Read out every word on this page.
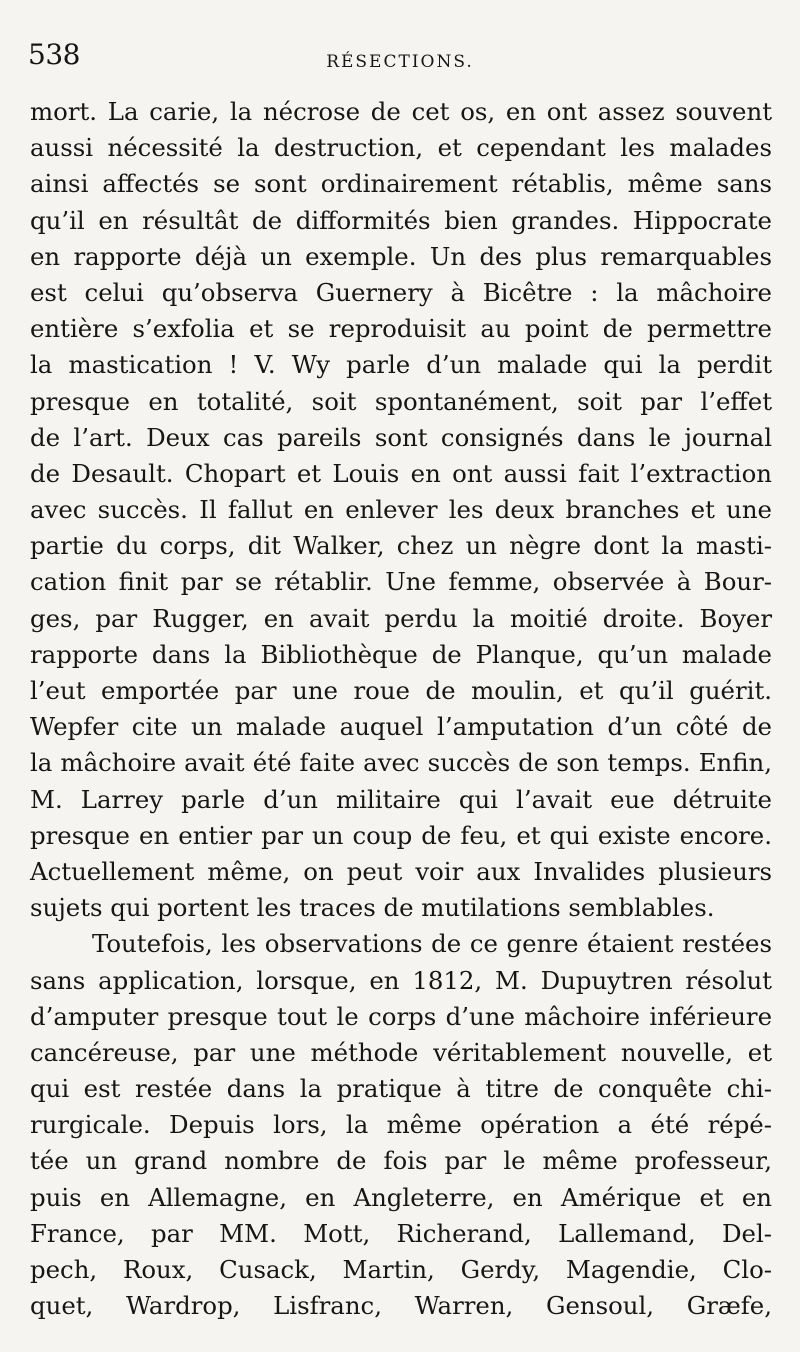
538	RÉSECTIONS.
mort. La carie, la nécrose de cet os, en ont assez souvent
aussi nécessité la destruction, et cependant les malades
ainsi affectés se sont ordinairement rétablis, même sans
qu’il en résultât de difformités bien grandes. Hippocrate
en rapporte déjà un exemple. Un des plus remarquables
est celui qu’observa Guernery à Bicêtre : la mâchoire
entière s’exfolia et se reproduisit au point de permettre
la mastication ! V. Wy parle d’un malade qui la perdit
presque en totalité, soit spontanément, soit par l’effet
de l’art. Deux cas pareils sont consignés dans le journal
de Desault. Chopart et Louis en ont aussi fait l’extraction
avec succès. Il fallut en enlever les deux branches et une
partie du corps, dit Walker, chez un nègre dont la masti-
cation finit par se rétablir. Une femme, observée à Bour-
ges, par Rugger, en avait perdu la moitié droite. Boyer
rapporte dans la Bibliothèque de Planque, qu’un malade
l’eut emportée par une roue de moulin, et qu’il guérit.
Wepfer cite un malade auquel l’amputation d’un côté de
la mâchoire avait été faite avec succès de son temps. Enfin,
M. Larrey parle d’un militaire qui l’avait eue détruite
presque en entier par un coup de feu, et qui existe encore.
Actuellement même, on peut voir aux Invalides plusieurs
sujets qui portent les traces de mutilations semblables.
Toutefois, les observations de ce genre étaient restées
sans application, lorsque, en 1812, M. Dupuytren résolut
d’amputer presque tout le corps d’une mâchoire inférieure
cancéreuse, par une méthode véritablement nouvelle, et
qui est restée dans la pratique à titre de conquête chi-
rurgicale. Depuis lors, la même opération a été répé-
tée un grand nombre de fois par le même professeur,
puis en Allemagne, en Angleterre, en Amérique et en
France, par MM. Mott, Richerand, Lallemand, Del-
pech, Roux, Cusack, Martin, Gerdy, Magendie, Clo-
quet, Wardrop, Lisfranc, Warren, Gensoul, Græfe,
